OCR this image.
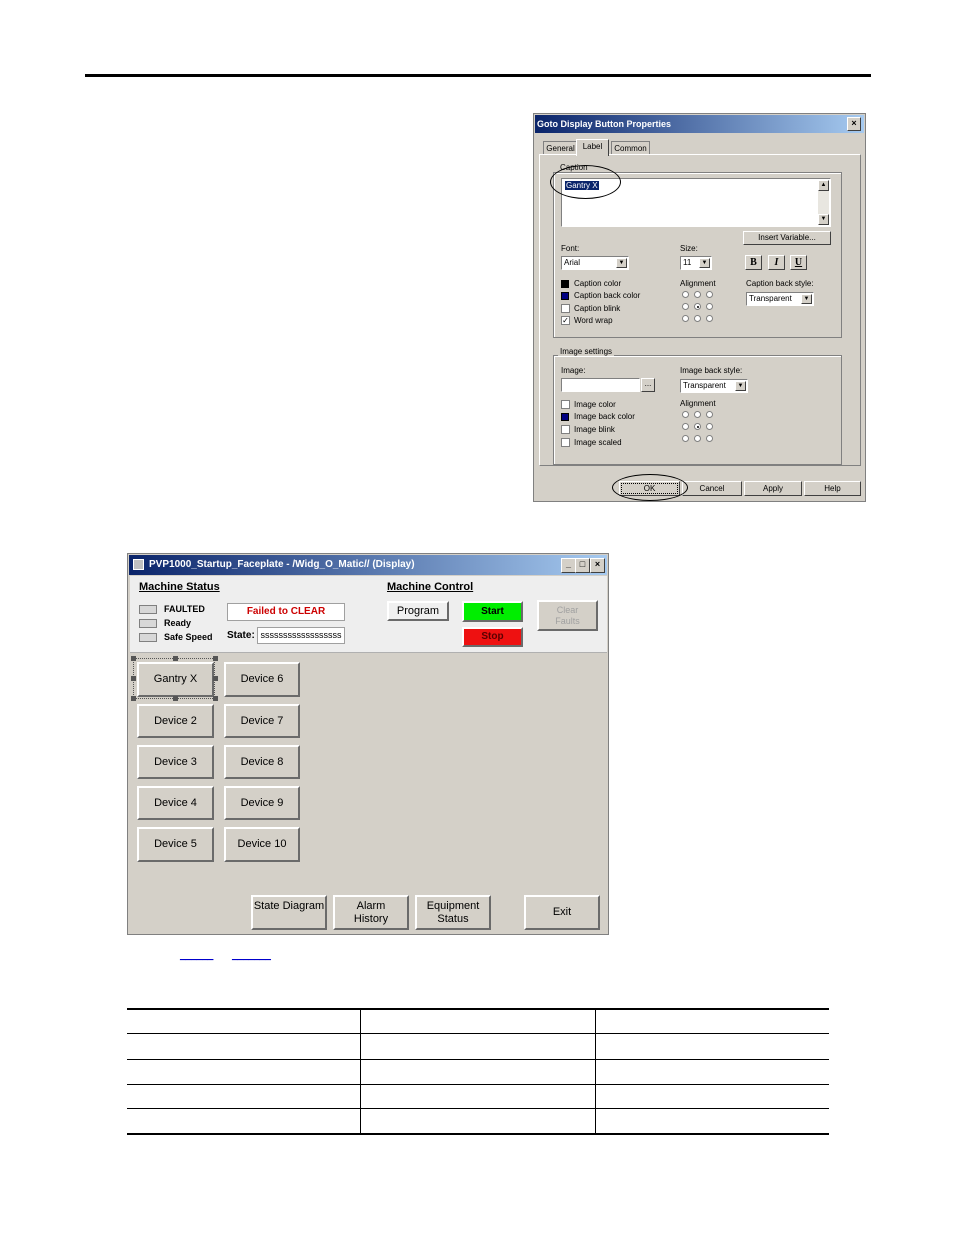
Goto Display Button Properties	×
General Label	Common
Caption
Gantry X	▲
▼
Insert Variable...
Font:
Arial	▼
Size:
11	▼	B	I	U
Caption color
Caption back color
Caption blink
✓ Word wrap
Alignment	Caption back style:
Transparent	▼
Image settings
Image:
...
Image back style:
Transparent	▼
Image color
Image back color
Image blink
Image scaled
Alignment
OK	Cancel	Apply	Help
PVP1000_Startup_Faceplate - /Widg_O_Matic// (Display)	_ □	×
Machine Status
FAULTED
Ready
Safe Speed
Failed to CLEAR
State: ssssssssssssssssss
Machine Control
Program	Start
Stop
Clear Faults
Gantry X
Device 2
Device 3
Device 4
Device 5
Device 6
Device 7
Device 8
Device 9
Device 10
State Diagram	Alarm History
Equipment Status
Exit
______ _______
